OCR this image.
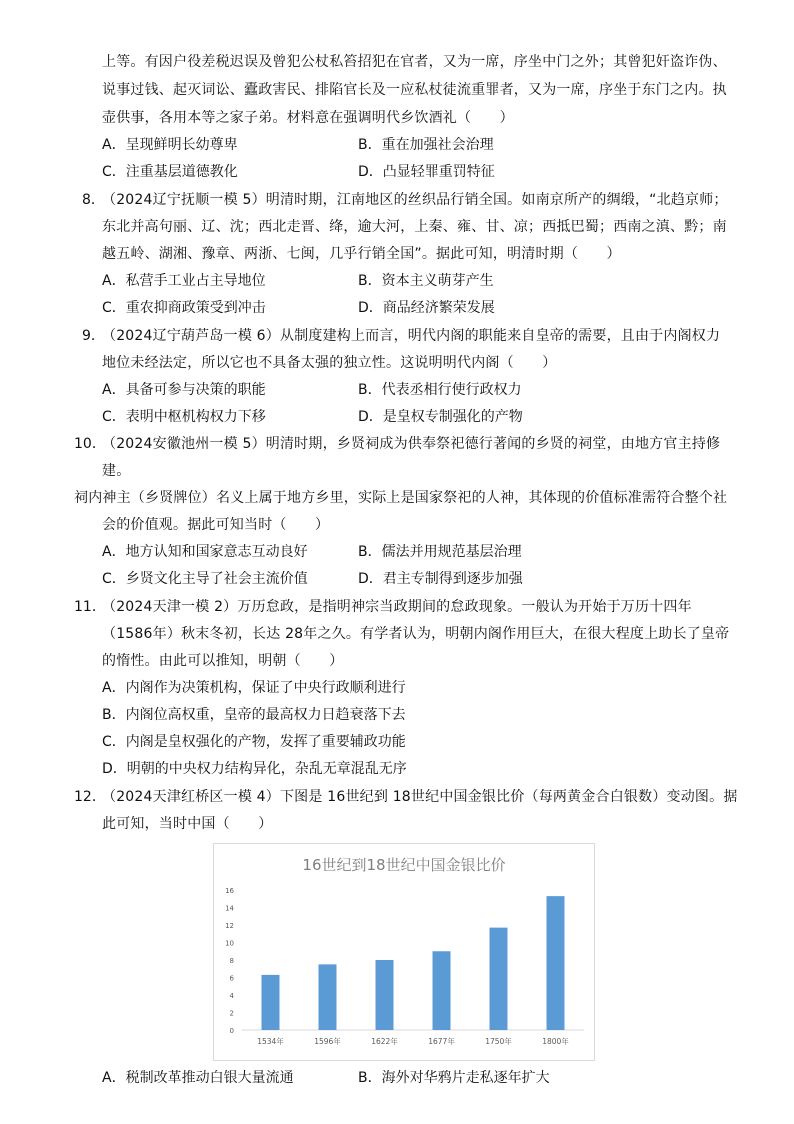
上等。有因户役差税迟误及曾犯公杖私笞招犯在官者，又为一席，序坐中门之外；其曾犯奸盗诈伪、
说事过钱、起灭词讼、蠹政害民、排陷官长及一应私杖徒流重罪者，又为一席，序坐于东门之内。执
壶供事，各用本等之家子弟。材料意在强调明代乡饮酒礼（　　）
A．呈现鲜明长幼尊卑	B．重在加强社会治理
C．注重基层道德教化	D．凸显轻罪重罚特征
8．
（2024辽宁抚顺一模 5）明清时期，江南地区的丝织品行销全国。如南京所产的绸缎，“北趋京师；
东北并高句丽、辽、沈；西北走晋、绛，逾大河，上秦、雍、甘、凉；西抵巴蜀；西南之滇、黔；南
越五岭、湖湘、豫章、两浙、七闽，几乎行销全国”。据此可知，明清时期（　　）
A．私营手工业占主导地位	B．资本主义萌芽产生
C．重农抑商政策受到冲击	D．商品经济繁荣发展
9．
（2024辽宁葫芦岛一模 6）从制度建构上而言，明代内阁的职能来自皇帝的需要，且由于内阁权力
地位未经法定，所以它也不具备太强的独立性。这说明明代内阁（　　）
A．具备可参与决策的职能	B．代表丞相行使行政权力
C．表明中枢机构权力下移	D．是皇权专制强化的产物
10．
（2024安徽池州一模 5）明清时期，乡贤祠成为供奉祭祀德行著闻的乡贤的祠堂，由地方官主持修
建。
祠内神主（乡贤牌位）名义上属于地方乡里，实际上是国家祭祀的人神，其体现的价值标准需符合整个社
会的价值观。据此可知当时（　　）
A．地方认知和国家意志互动良好	B．儒法并用规范基层治理
C．乡贤文化主导了社会主流价值	D．君主专制得到逐步加强
11．
（2024天津一模 2）万历怠政，是指明神宗当政期间的怠政现象。一般认为开始于万历十四年
（1586年）秋末冬初，长达 28年之久。有学者认为，明朝内阁作用巨大，在很大程度上助长了皇帝
的惰性。由此可以推知，明朝（　　）
A．内阁作为决策机构，保证了中央行政顺利进行
B．内阁位高权重，皇帝的最高权力日趋衰落下去
C．内阁是皇权强化的产物，发挥了重要辅政功能
D．明朝的中央权力结构异化，杂乱无章混乱无序
12．
（2024天津红桥区一模 4）下图是 16世纪到 18世纪中国金银比价（每两黄金合白银数）变动图。据
此可知，当时中国（　　）
16世纪到18世纪中国金银比价
0
2
4
6
8
10
12
14
16
1534年	1596年	1622年	1677年	1750年	1800年
A．税制改革推动白银大量流通	B．海外对华鸦片走私逐年扩大
